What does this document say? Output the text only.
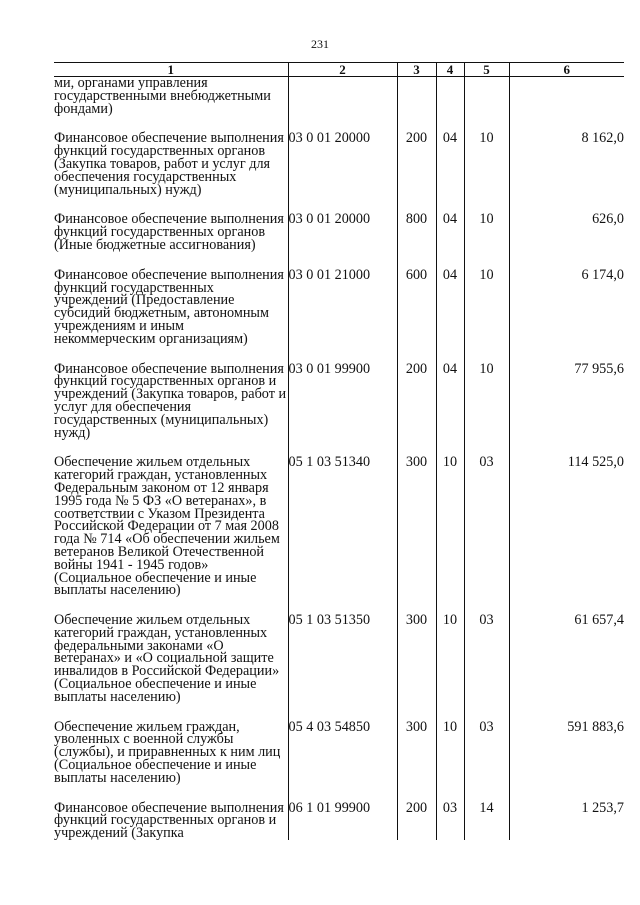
231
1	2	3	4	5	6
ми, органами управления государственными внебюджетными фондами)					

Финансовое обеспечение выполнения функций государственных органов (Закупка товаров, работ и услуг для обеспечения государственных (муниципальных) нужд)	03 0 01 20000	200	04	10	8 162,0

Финансовое обеспечение выполнения функций государственных органов (Иные бюджетные ассигнования)	03 0 01 20000	800	04	10	626,0

Финансовое обеспечение выполнения функций государственных учреждений (Предоставление субсидий бюджетным, автономным учреждениям и иным некоммерческим организациям)	03 0 01 21000	600	04	10	6 174,0

Финансовое обеспечение выполнения функций государственных органов и учреждений (Закупка товаров, работ и услуг для обеспечения государственных (муниципальных) нужд)	03 0 01 99900	200	04	10	77 955,6

Обеспечение жильем отдельных категорий граждан, установленных Федеральным законом от 12 января 1995 года № 5 ФЗ «О ветеранах», в соответствии с Указом Президента Российской Федерации от 7 мая 2008 года № 714 «Об обеспечении жильем ветеранов Великой Отечественной войны 1941 - 1945 годов» (Социальное обеспечение и иные выплаты населению)	05 1 03 51340	300	10	03	114 525,0

Обеспечение жильем отдельных категорий граждан, установленных федеральными законами «О ветеранах» и «О социальной защите инвалидов в Российской Федерации» (Социальное обеспечение и иные выплаты населению)	05 1 03 51350	300	10	03	61 657,4

Обеспечение жильем граждан, уволенных с военной службы (службы), и приравненных к ним лиц (Социальное обеспечение и иные выплаты населению)	05 4 03 54850	300	10	03	591 883,6

Финансовое обеспечение выполнения функций государственных органов и учреждений (Закупка	06 1 01 99900	200	03	14	1 253,7
